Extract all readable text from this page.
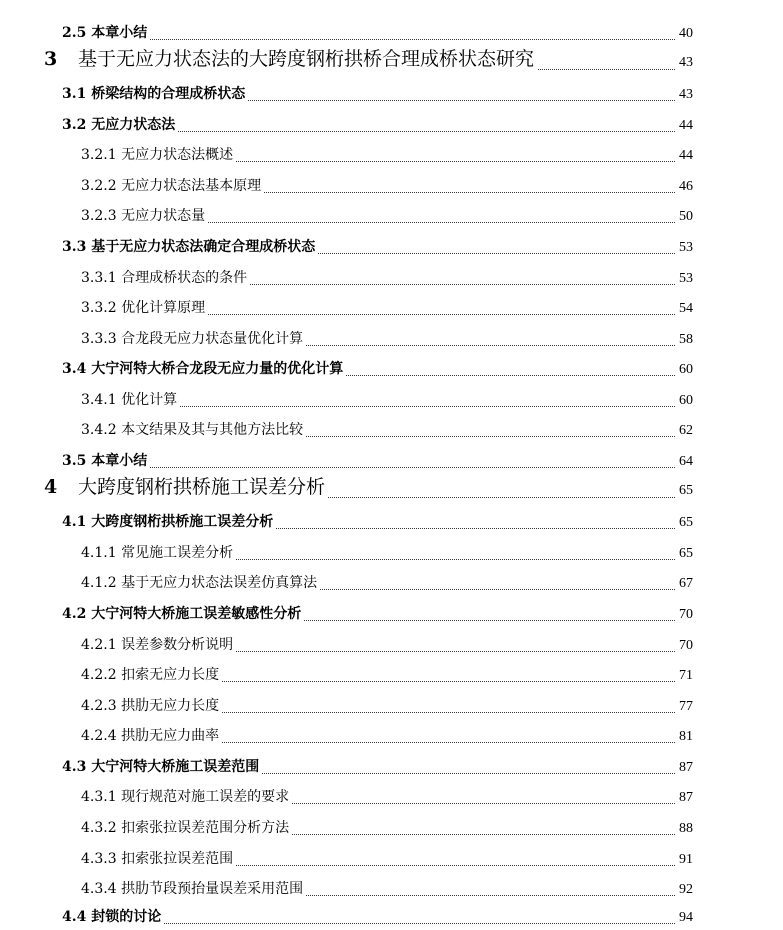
2.5 本章小结	40
3 基于无应力状态法的大跨度钢桁拱桥合理成桥状态研究	43
3.1 桥梁结构的合理成桥状态	43
3.2 无应力状态法	44
3.2.1 无应力状态法概述	44
3.2.2 无应力状态法基本原理	46
3.2.3 无应力状态量	50
3.3 基于无应力状态法确定合理成桥状态	53
3.3.1 合理成桥状态的条件	53
3.3.2 优化计算原理	54
3.3.3 合龙段无应力状态量优化计算	58
3.4 大宁河特大桥合龙段无应力量的优化计算	60
3.4.1 优化计算	60
3.4.2 本文结果及其与其他方法比较	62
3.5 本章小结	64
4 大跨度钢桁拱桥施工误差分析	65
4.1 大跨度钢桁拱桥施工误差分析	65
4.1.1 常见施工误差分析	65
4.1.2 基于无应力状态法误差仿真算法	67
4.2 大宁河特大桥施工误差敏感性分析	70
4.2.1 误差参数分析说明	70
4.2.2 扣索无应力长度	71
4.2.3 拱肋无应力长度	77
4.2.4 拱肋无应力曲率	81
4.3 大宁河特大桥施工误差范围	87
4.3.1 现行规范对施工误差的要求	87
4.3.2 扣索张拉误差范围分析方法	88
4.3.3 扣索张拉误差范围	91
4.3.4 拱肋节段预抬量误差采用范围	92
4.4 封锁的讨论	94
